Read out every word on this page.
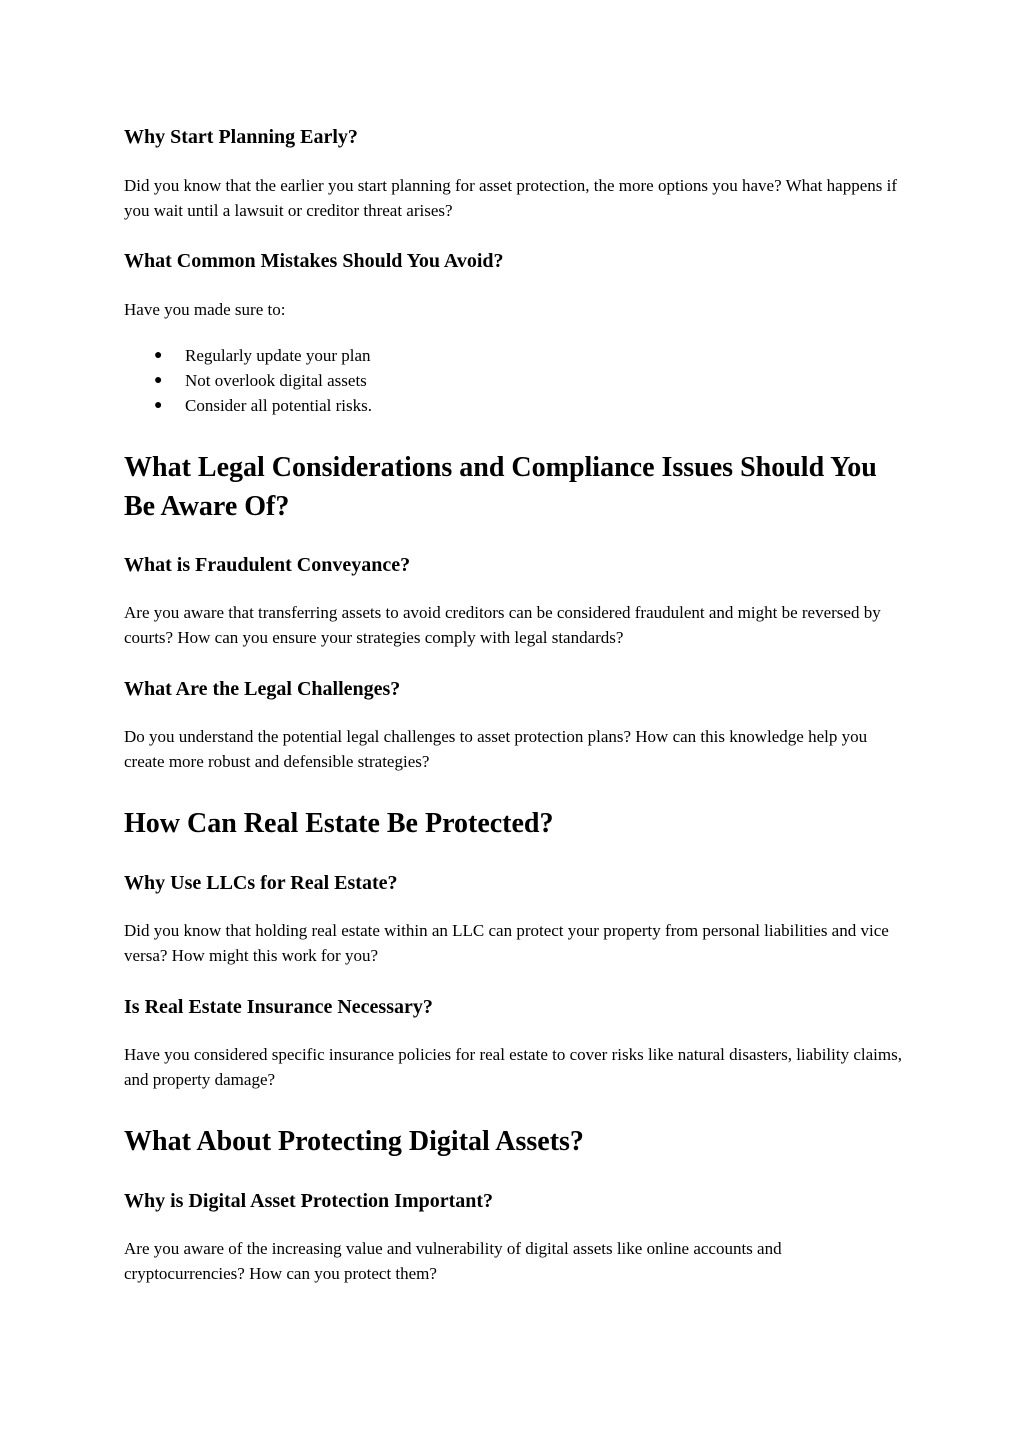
Why Start Planning Early?
Did you know that the earlier you start planning for asset protection, the more options you have? What happens if you wait until a lawsuit or creditor threat arises?
What Common Mistakes Should You Avoid?
Have you made sure to:
● Regularly update your plan
● Not overlook digital assets
● Consider all potential risks.
What Legal Considerations and Compliance Issues Should You Be Aware Of?
What is Fraudulent Conveyance?
Are you aware that transferring assets to avoid creditors can be considered fraudulent and might be reversed by courts? How can you ensure your strategies comply with legal standards?
What Are the Legal Challenges?
Do you understand the potential legal challenges to asset protection plans? How can this knowledge help you create more robust and defensible strategies?
How Can Real Estate Be Protected?
Why Use LLCs for Real Estate?
Did you know that holding real estate within an LLC can protect your property from personal liabilities and vice versa? How might this work for you?
Is Real Estate Insurance Necessary?
Have you considered specific insurance policies for real estate to cover risks like natural disasters, liability claims, and property damage?
What About Protecting Digital Assets?
Why is Digital Asset Protection Important?
Are you aware of the increasing value and vulnerability of digital assets like online accounts and cryptocurrencies? How can you protect them?
